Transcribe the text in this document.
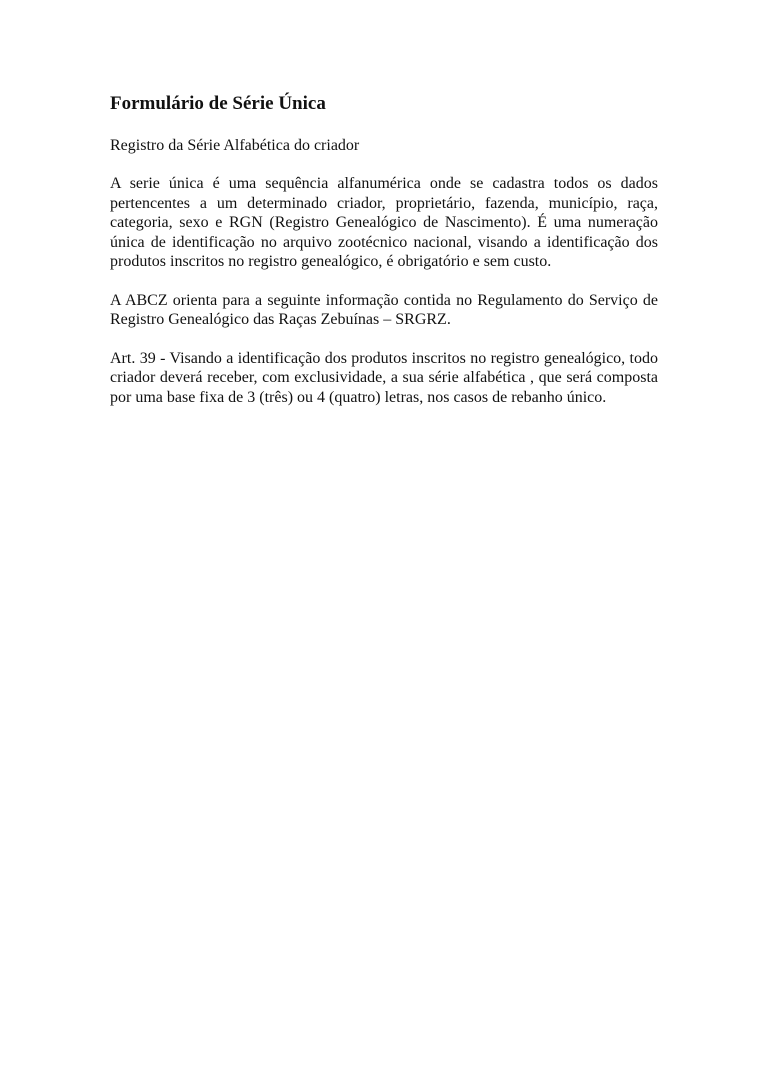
Formulário de Série Única

Registro da Série Alfabética do criador

A serie única é uma sequência alfanumérica onde se cadastra todos os dados pertencentes a um determinado criador, proprietário, fazenda, município, raça, categoria, sexo e RGN (Registro Genealógico de Nascimento). É uma numeração única de identificação no arquivo zootécnico nacional, visando a identificação dos produtos inscritos no registro genealógico, é obrigatório e sem custo.

A ABCZ orienta para a seguinte informação contida no Regulamento do Serviço de Registro Genealógico das Raças Zebuínas – SRGRZ.

Art. 39 - Visando a identificação dos produtos inscritos no registro genealógico, todo criador deverá receber, com exclusividade, a sua série alfabética , que será composta por uma base fixa de 3 (três) ou 4 (quatro) letras, nos casos de rebanho único.
